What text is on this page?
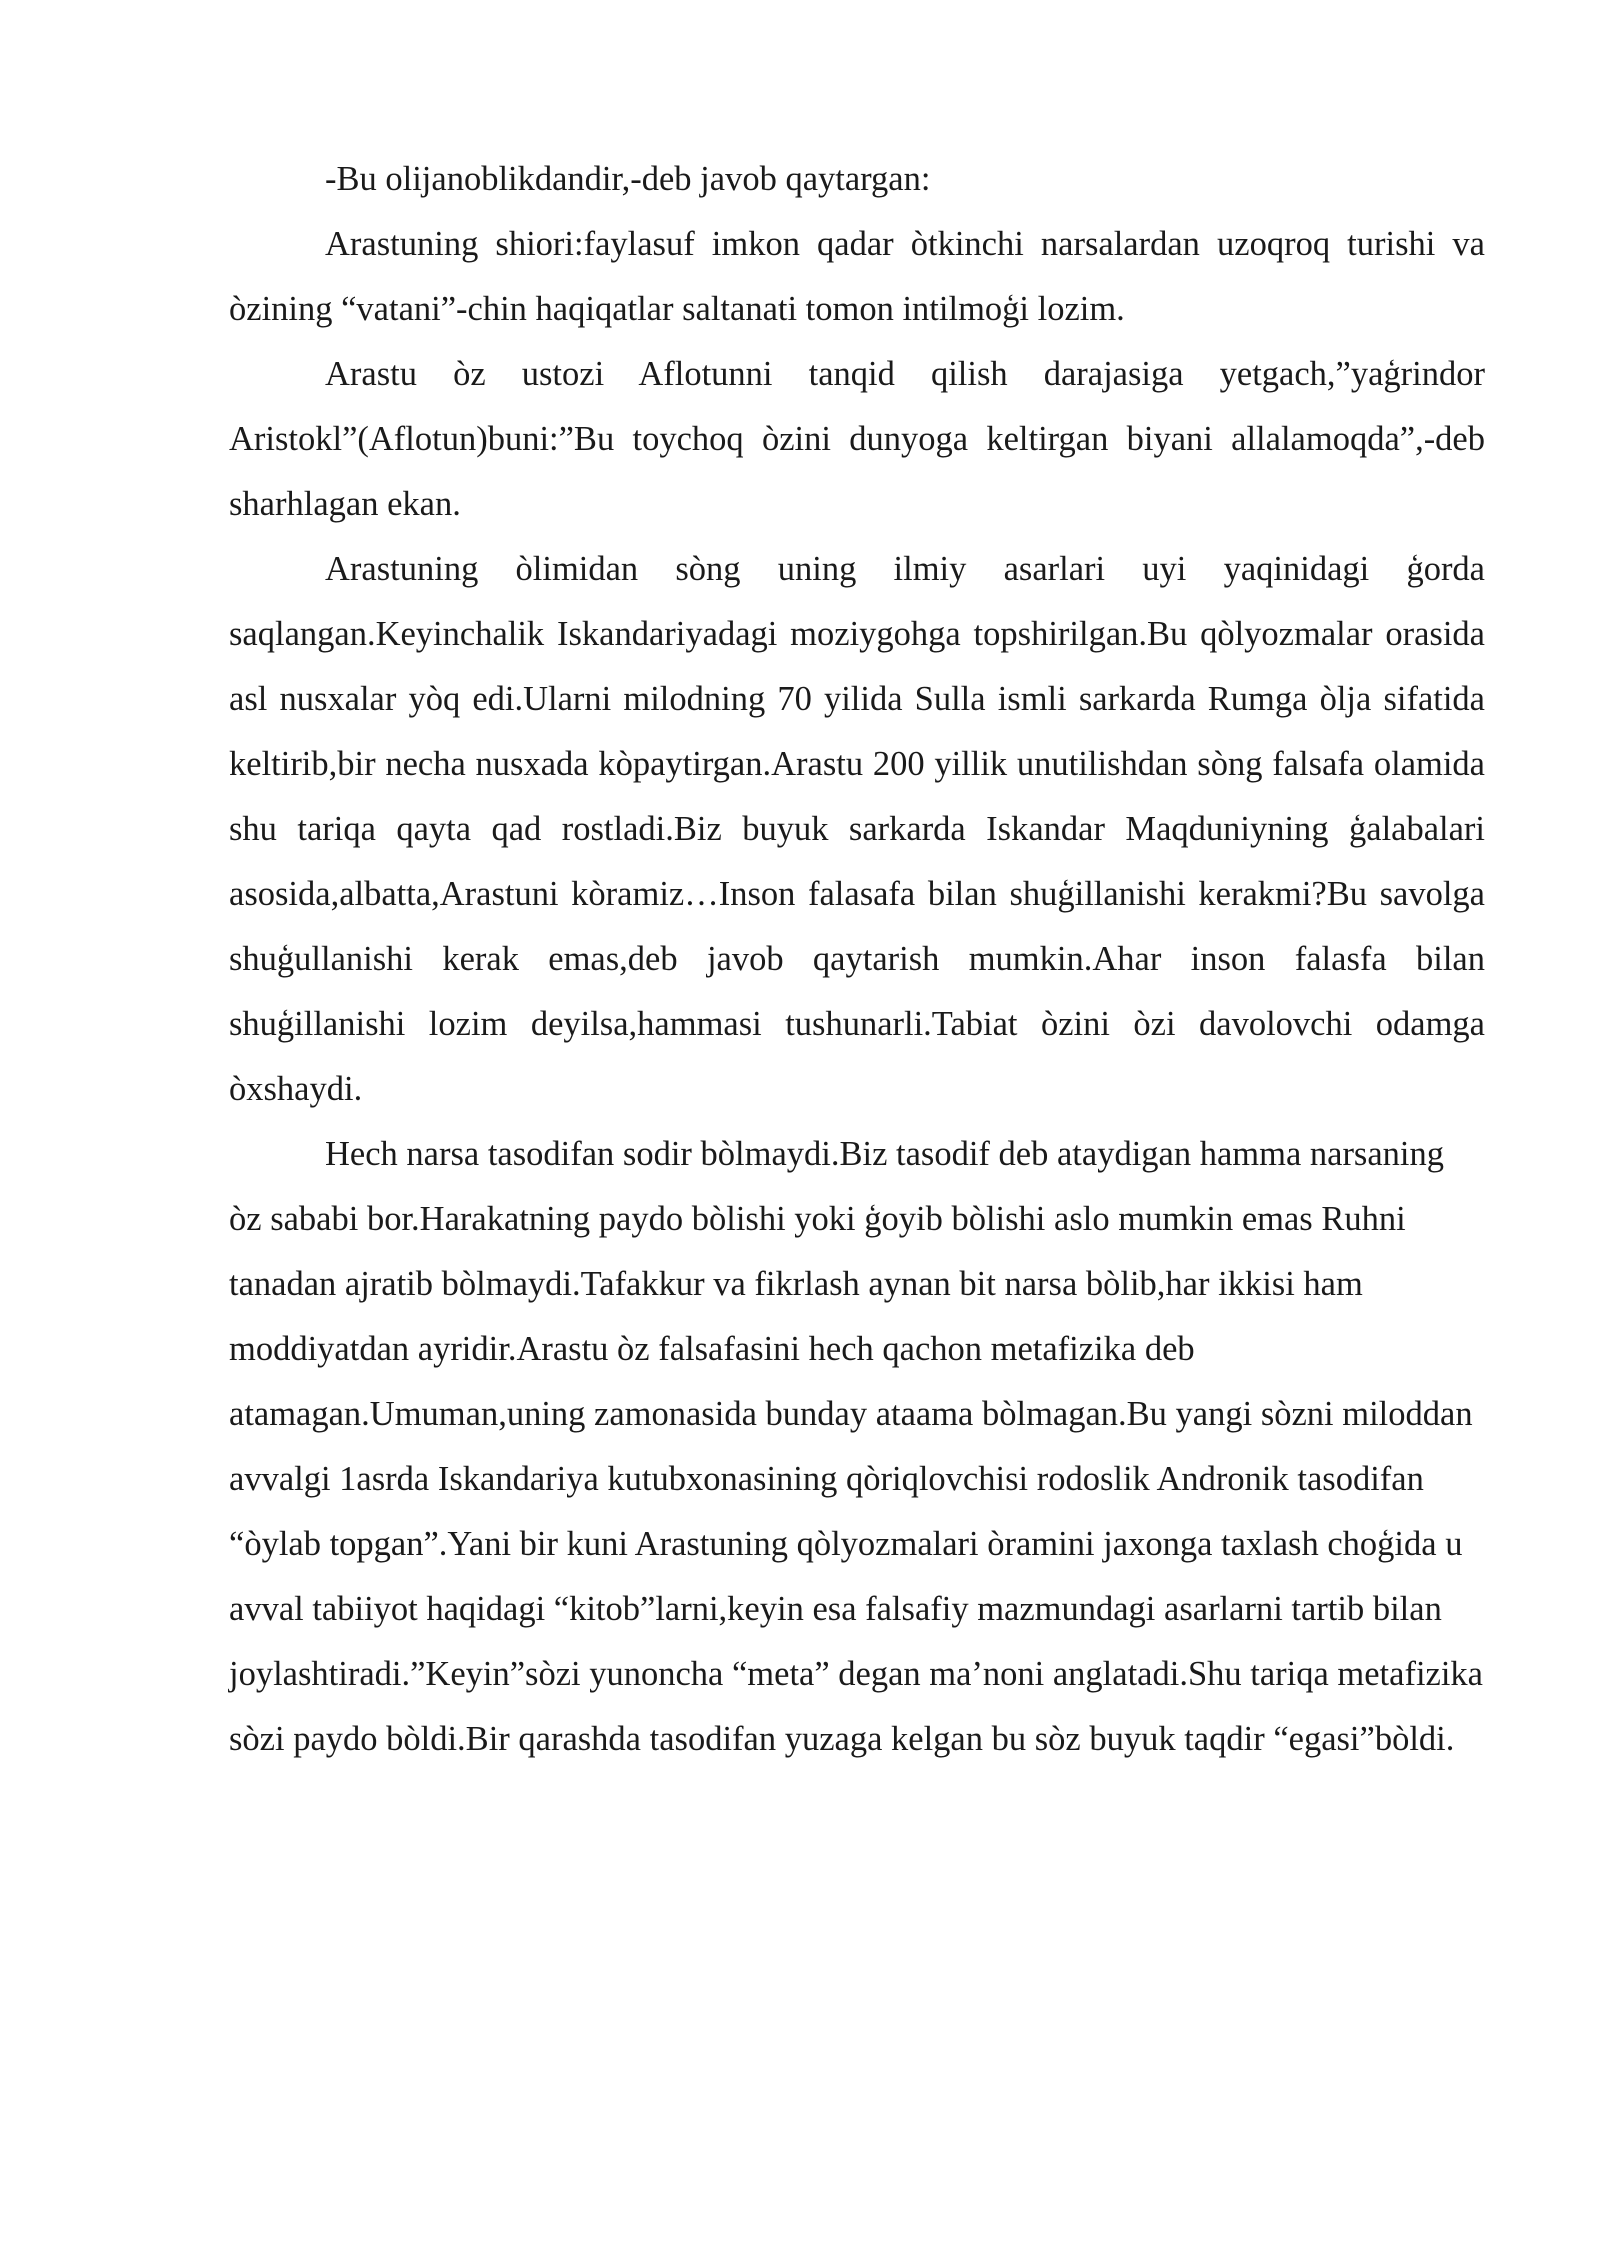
-Bu olijanoblikdandir,-deb javob qaytargan:

Arastuning shiori:faylasuf imkon qadar òtkinchi narsalardan uzoqroq turishi va òzining “vatani”-chin haqiqatlar saltanati tomon intilmoģi lozim.

Arastu òz ustozi Aflotunni tanqid qilish darajasiga yetgach,”yaģrindor Aristokl”(Aflotun)buni:”Bu toychoq òzini dunyoga keltirgan biyani allalamoqda”,-deb sharhlagan ekan.

Arastuning òlimidan sòng uning ilmiy asarlari uyi yaqinidagi ģorda saqlangan.Keyinchalik Iskandariyadagi moziygohga topshirilgan.Bu qòlyozmalar orasida asl nusxalar yòq edi.Ularni milodning 70 yilida Sulla ismli sarkarda Rumga òlja sifatida keltirib,bir necha nusxada kòpaytirgan.Arastu 200 yillik unutilishdan sòng falsafa olamida shu tariqa qayta qad rostladi.Biz buyuk sarkarda Iskandar Maqduniyning ģalabalari asosida,albatta,Arastuni kòramiz…Inson falasafa bilan shuģillanishi kerakmi?Bu savolga shuģullanishi kerak emas,deb javob qaytarish mumkin.Ahar inson falasfa bilan shuģillanishi lozim deyilsa,hammasi tushunarli.Tabiat òzini òzi davolovchi odamga òxshaydi.

Hech narsa tasodifan sodir bòlmaydi.Biz tasodif deb ataydigan hamma narsaning òz sababi bor.Harakatning paydo bòlishi yoki ģoyib bòlishi aslo mumkin emas Ruhni tanadan ajratib bòlmaydi.Tafakkur va fikrlash aynan bit narsa bòlib,har ikkisi ham moddiyatdan ayridir.Arastu òz falsafasini hech qachon metafizika deb atamagan.Umuman,uning zamonasida bunday ataama bòlmagan.Bu yangi sòzni miloddan avvalgi 1asrda Iskandariya kutubxonasining qòriqlovchisi rodoslik Andronik tasodifan “òylab topgan”.Yani bir kuni Arastuning qòlyozmalari òramini jaxonga taxlash choģida u avval tabiiyot haqidagi “kitob”larni,keyin esa falsafiy mazmundagi asarlarni tartib bilan joylashtiradi.”Keyin”sòzi yunoncha “meta” degan ma’noni anglatadi.Shu tariqa metafizika sòzi paydo bòldi.Bir qarashda tasodifan yuzaga kelgan bu sòz buyuk taqdir “egasi”bòldi.
